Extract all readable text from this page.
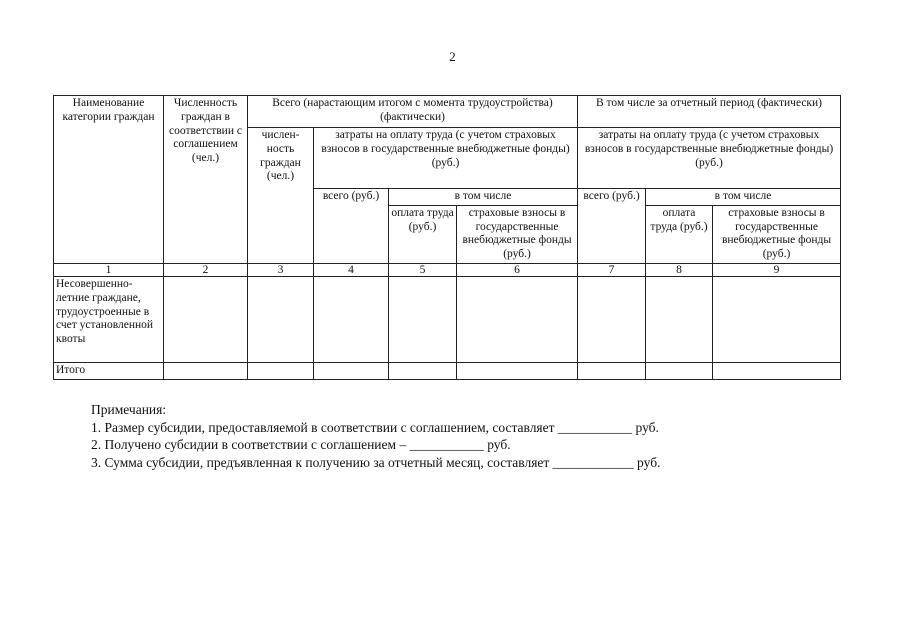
2
Наименование категории граждан	Численность граждан в соответствии с соглашением (чел.)	Всего (нарастающим итогом с момента трудоустройства) (фактически)				В том числе за отчетный период (фактически)		
		числен-ность граждан (чел.)	затраты на оплату труда (с учетом страховых взносов в государственные внебюджетные фонды) (руб.)			затраты на оплату труда (с учетом страховых взносов в государственные внебюджетные фонды) (руб.)		
			всего (руб.)	в том числе		всего (руб.)	в том числе	
				оплата труда (руб.)	страховые взносы в государственные внебюджетные фонды (руб.)		оплата труда (руб.)	страховые взносы в государственные внебюджетные фонды (руб.)
1	2	3	4	5	6	7	8	9
Несовершенно-летние граждане, трудоустроенные в счет установленной квоты								
Итого								
Примечания:
1. Размер субсидии, предоставляемой в соответствии с соглашением, составляет ___________ руб.
2. Получено субсидии в соответствии с соглашением – ___________ руб.
3. Сумма субсидии, предъявленная к получению за отчетный месяц, составляет ____________ руб.
